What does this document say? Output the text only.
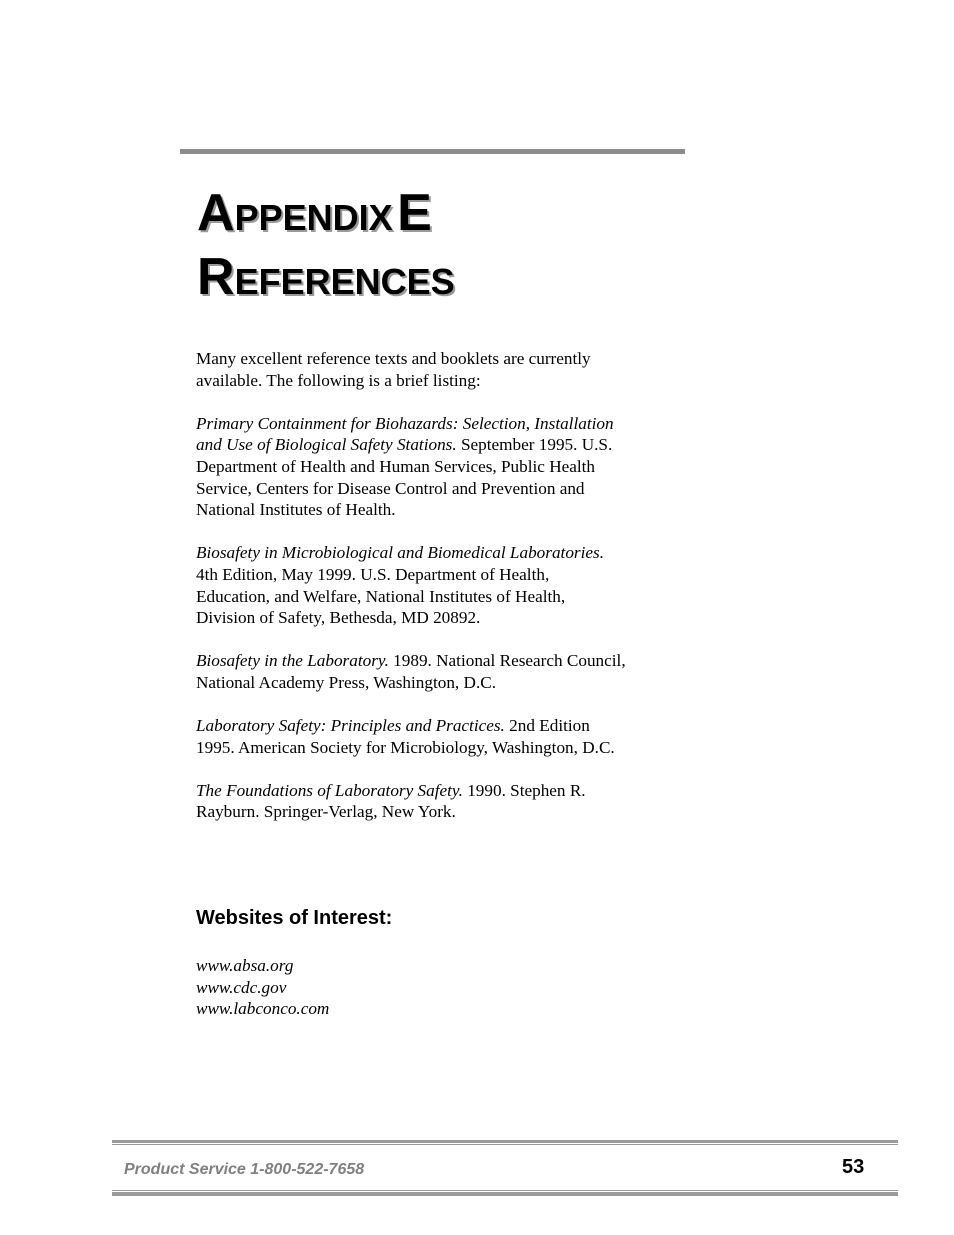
APPENDIX E
REFERENCES

Many excellent reference texts and booklets are currently available. The following is a brief listing:

Primary Containment for Biohazards: Selection, Installation and Use of Biological Safety Stations. September 1995. U.S. Department of Health and Human Services, Public Health Service, Centers for Disease Control and Prevention and National Institutes of Health.

Biosafety in Microbiological and Biomedical Laboratories. 4th Edition, May 1999. U.S. Department of Health, Education, and Welfare, National Institutes of Health, Division of Safety, Bethesda, MD 20892.

Biosafety in the Laboratory. 1989. National Research Council, National Academy Press, Washington, D.C.

Laboratory Safety: Principles and Practices. 2nd Edition 1995. American Society for Microbiology, Washington, D.C.

The Foundations of Laboratory Safety. 1990. Stephen R. Rayburn. Springer-Verlag, New York.

Websites of Interest:
www.absa.org
www.cdc.gov
www.labconco.com
Product Service 1-800-522-7658	53
